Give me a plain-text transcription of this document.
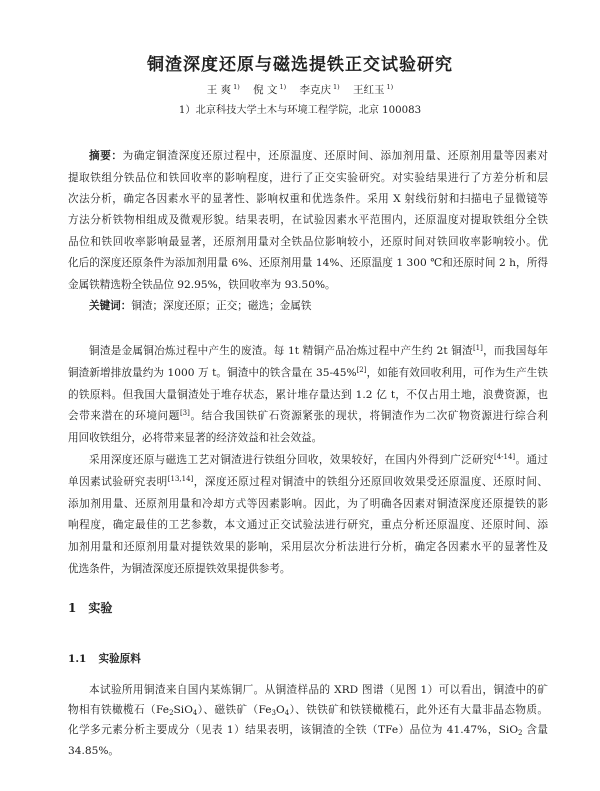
铜渣深度还原与磁选提铁正交试验研究
王 爽 $^{1)}$ 倪 文 $^{1)}$ 李克庆 $^{1)}$ 王红玉 $^{1)}$
1）北京科技大学土木与环境工程学院，北京 100083
摘要：为确定铜渣深度还原过程中，还原温度、还原时间、添加剂用量、还原剂用量等因素对
提取铁组分铁品位和铁回收率的影响程度，进行了正交实验研究。对实验结果进行了方差分析和层
次法分析，确定各因素水平的显著性、影响权重和优选条件。采用 X 射线衍射和扫描电子显微镜等
方法分析铁物相组成及微观形貌。结果表明，在试验因素水平范围内，还原温度对提取铁组分全铁
品位和铁回收率影响最显著，还原剂用量对全铁品位影响较小，还原时间对铁回收率影响较小。优
化后的深度还原条件为添加剂用量 6%、还原剂用量 14%、还原温度 1 300 ℃和还原时间 2 h，所得
金属铁精选粉全铁品位 92.95%，铁回收率为 93.50%。
关键词：铜渣；深度还原；正交；磁选；金属铁
铜渣是金属铜冶炼过程中产生的废渣。每 1t 精铜产品冶炼过程中产生约 2t 铜渣[1]，而我国每年
铜渣新增排放量约为 1000 万 t。铜渣中的铁含量在 35-45%[2]，如能有效回收利用，可作为生产生铁
的铁原料。但我国大量铜渣处于堆存状态，累计堆存量达到 1.2 亿 t，不仅占用土地，浪费资源，也
会带来潜在的环境问题[3]。结合我国铁矿石资源紧张的现状，将铜渣作为二次矿物资源进行综合利
用回收铁组分，必将带来显著的经济效益和社会效益。
采用深度还原与磁选工艺对铜渣进行铁组分回收，效果较好，在国内外得到广泛研究[4-14]。通过
单因素试验研究表明[13,14]，深度还原过程对铜渣中的铁组分还原回收效果受还原温度、还原时间、
添加剂用量、还原剂用量和冷却方式等因素影响。因此，为了明确各因素对铜渣深度还原提铁的影
响程度，确定最佳的工艺参数，本文通过正交试验法进行研究，重点分析还原温度、还原时间、添
加剂用量和还原剂用量对提铁效果的影响，采用层次分析法进行分析，确定各因素水平的显著性及
优选条件，为铜渣深度还原提铁效果提供参考。
1 实验
1.1 实验原料
本试验所用铜渣来自国内某炼铜厂。从铜渣样品的 XRD 图谱（见图 1）可以看出，铜渣中的矿
物相有铁橄榄石$(Fe_2SiO_4)$、磁铁矿$(Fe_3O_4)$、铁铁矿和铁镁橄榄石，此外还有大量非晶态物质。
化学多元素分析主要成分（见表 1）结果表明，该铜渣的全铁（TFe）品位为 41.47%，SiO$_2$ 含量
34.85%。
